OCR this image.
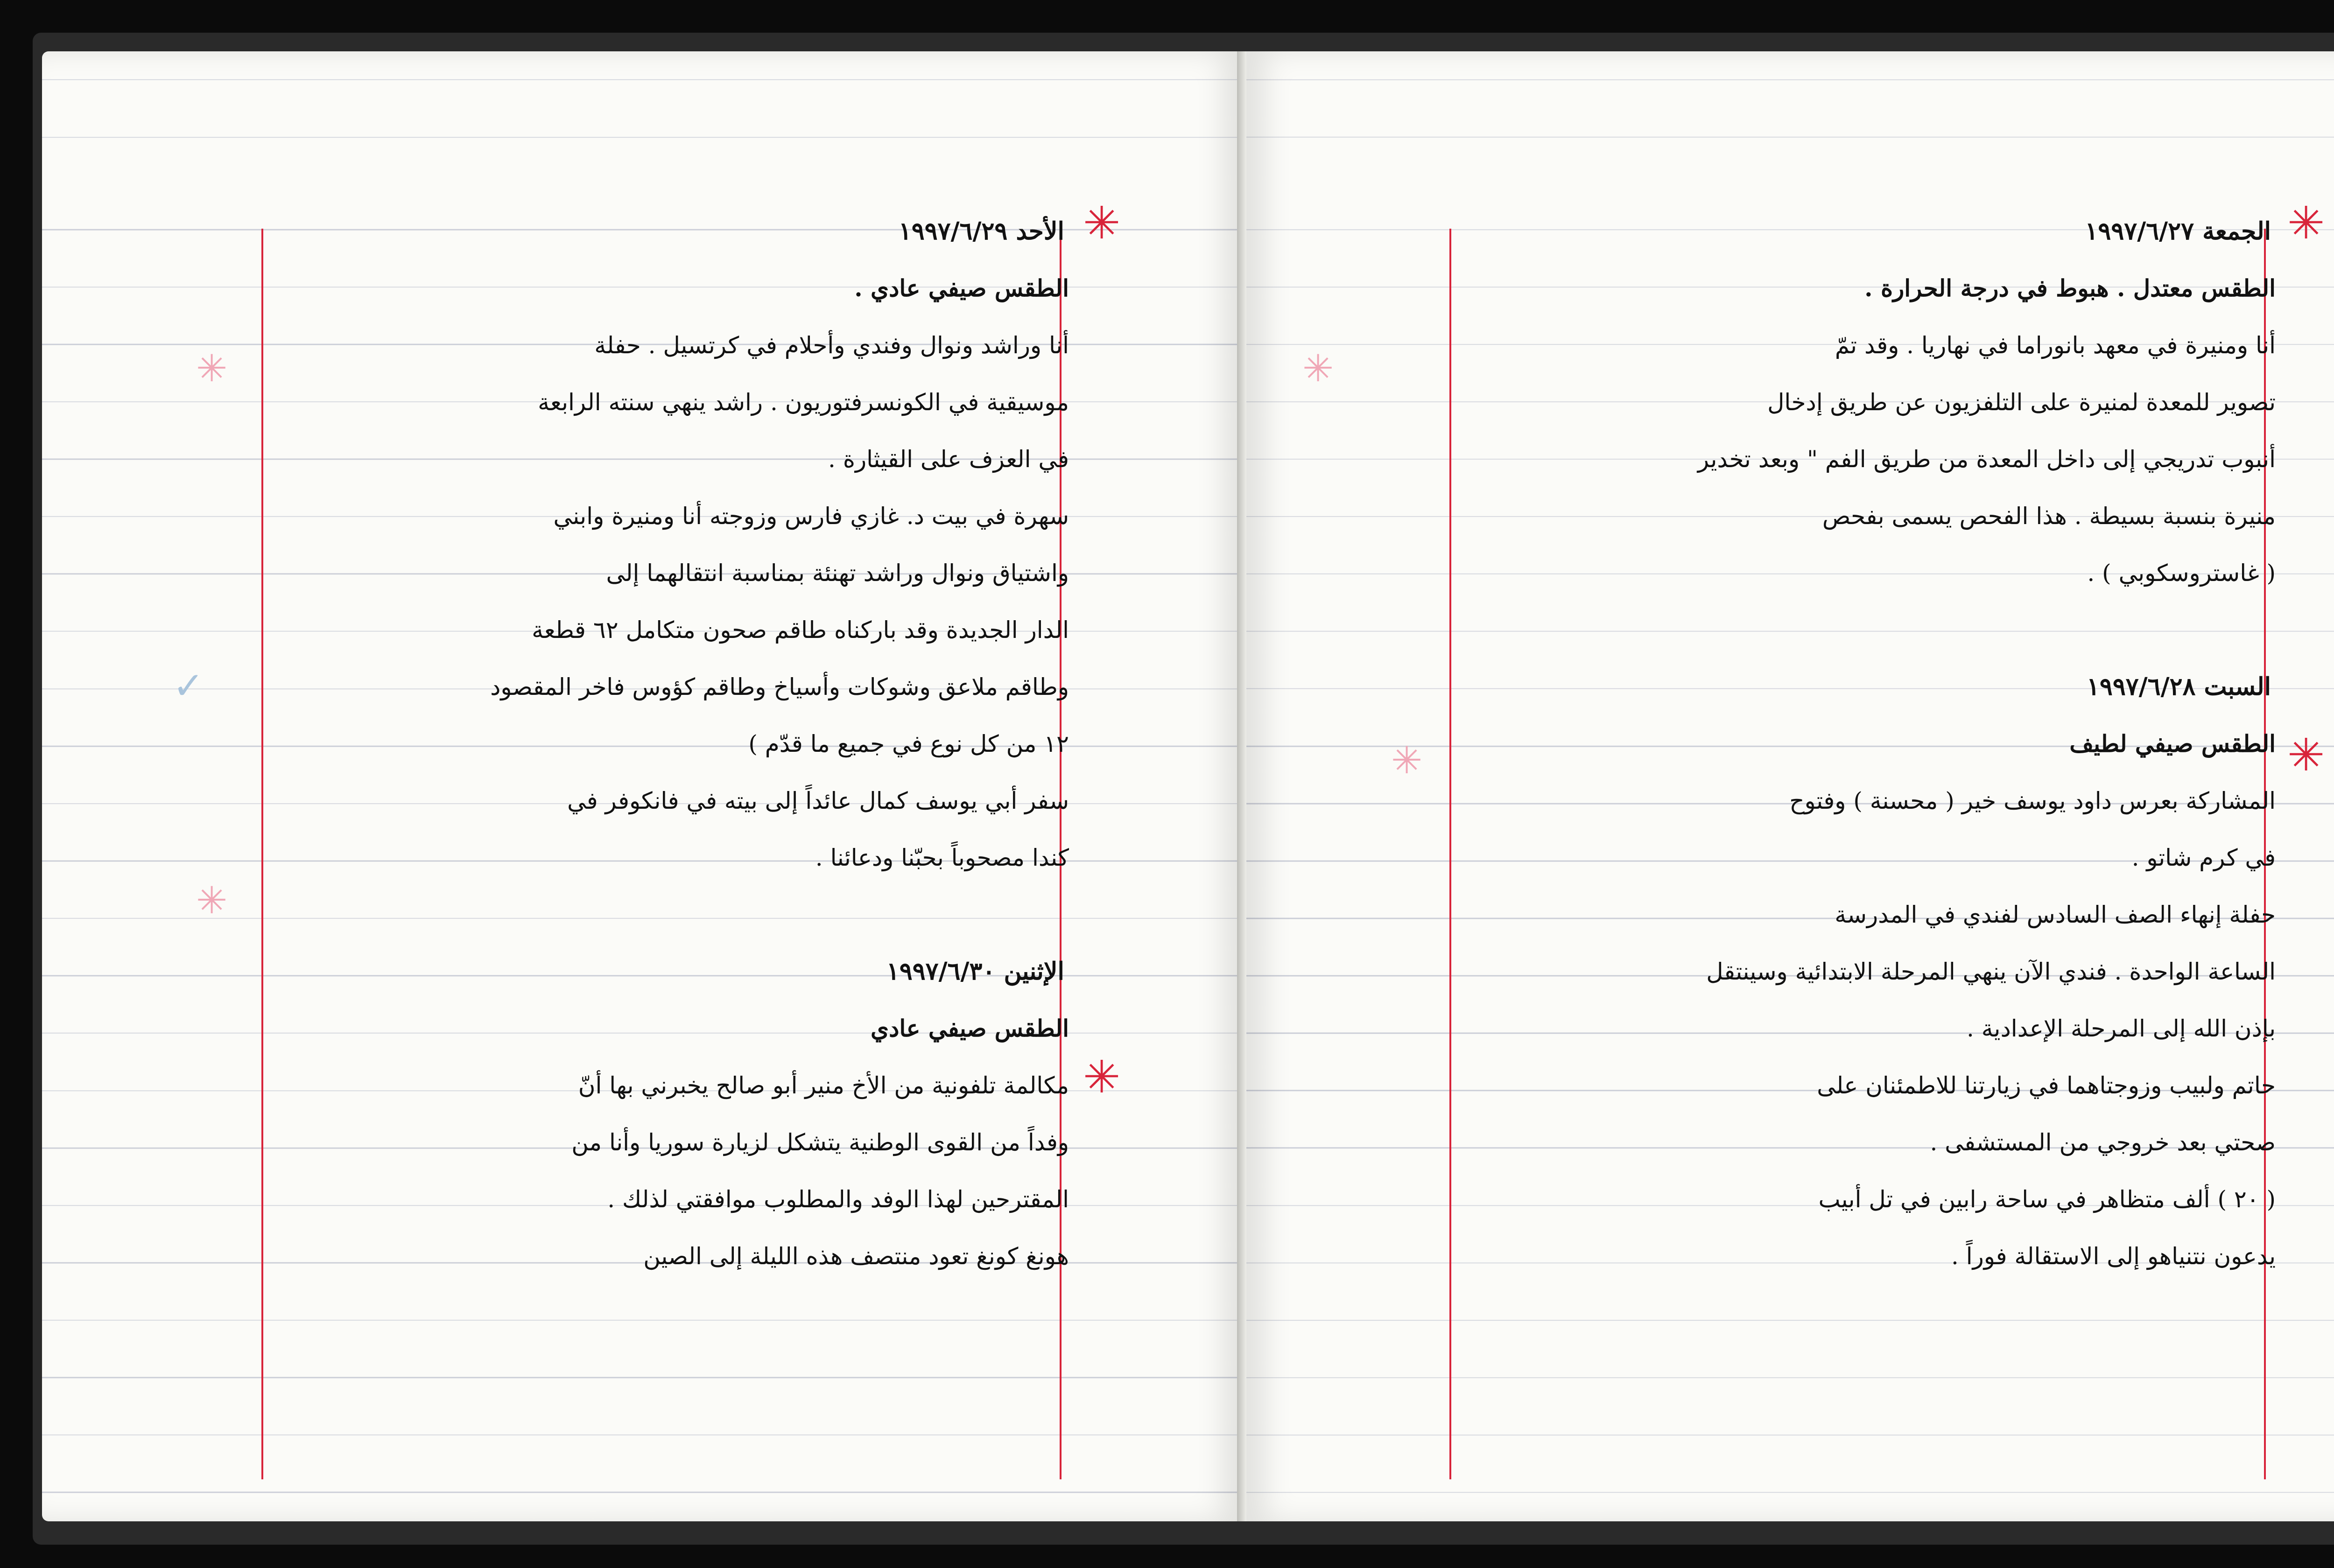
✳
✳
✳
✳
✓
الأحد ١٩٩٧/٦/٢٩
الطقس صيفي عادي .
أنا وراشد ونوال وفندي وأحلام في كرتسيل . حفلة
موسيقية في الكونسرفتوريون . راشد ينهي سنته الرابعة
في العزف على القيثارة .
سهرة في بيت د. غازي فارس وزوجته أنا ومنيرة وابني
واشتياق ونوال وراشد تهنئة بمناسبة انتقالهما إلى
الدار الجديدة وقد باركناه طاقم صحون متكامل ٦٢ قطعة
وطاقم ملاعق وشوكات وأسياخ وطاقم كؤوس فاخر المقصود
١٢ من كل نوع في جميع ما قدّم )
سفر أبي يوسف كمال عائداً إلى بيته في فانكوفر في
كندا مصحوباً بحبّنا ودعائنا .
الإثنين ١٩٩٧/٦/٣٠
الطقس صيفي عادي
مكالمة تلفونية من الأخ منير أبو صالح يخبرني بها أنّ
وفداً من القوى الوطنية يتشكل لزيارة سوريا وأنا من
المقترحين لهذا الوفد والمطلوب موافقتي لذلك .
هونغ كونغ تعود منتصف هذه الليلة إلى الصين
✳
✳
✳
✳
الجمعة ١٩٩٧/٦/٢٧
الطقس معتدل . هبوط في درجة الحرارة .
أنا ومنيرة في معهد بانوراما في نهاريا . وقد تمّ
تصوير للمعدة لمنيرة على التلفزيون عن طريق إدخال
أنبوب تدريجي إلى داخل المعدة من طريق الفم " وبعد تخدير
منيرة بنسبة بسيطة . هذا الفحص يسمى بفحص
( غاستروسكوبي ) .
السبت ١٩٩٧/٦/٢٨
الطقس صيفي لطيف
المشاركة بعرس داود يوسف خير ( محسنة ) وفتوح
في كرم شاتو .
حفلة إنهاء الصف السادس لفندي في المدرسة
الساعة الواحدة . فندي الآن ينهي المرحلة الابتدائية وسينتقل
بإذن الله إلى المرحلة الإعدادية .
حاتم ولبيب وزوجتاهما في زيارتنا للاطمئنان على
صحتي بعد خروجي من المستشفى .
( ٢٠ ) ألف متظاهر في ساحة رابين في تل أبيب
يدعون نتنياهو إلى الاستقالة فوراً .
